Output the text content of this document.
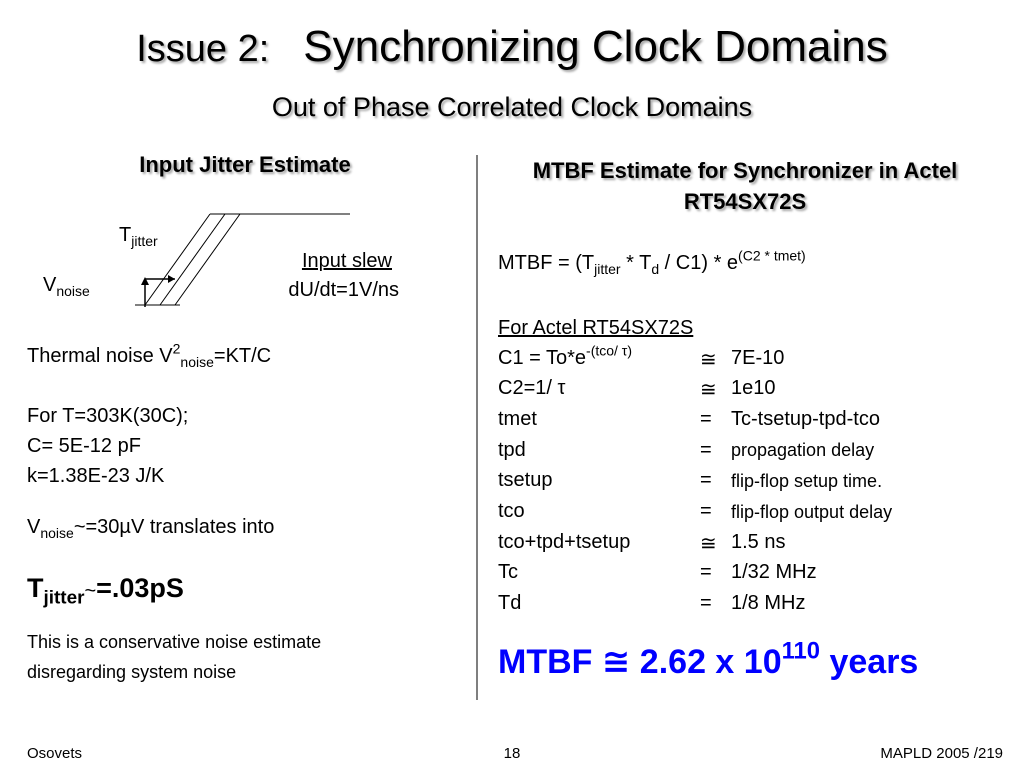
Issue 2: Synchronizing Clock Domains
Out of Phase Correlated Clock Domains
Input Jitter Estimate
$T_{jitter}$
$V_{noise}$
Input slew
dU/dt=1V/ns
Thermal noise $V^2_{noise}=KT/C$
For T=303K(30C);
C= 5E-12 pF
k=1.38E-23 J/K
$V_{noise}\sim=30\mu V$ translates into
$T_{jitter}\sim=.03pS$
This is a conservative noise estimate
disregarding system noise
MTBF Estimate for Synchronizer in Actel RT54SX72S
MTBF = $(T_{jitter} * T_d / C1) * e^{(C2 * tmet)}$
For Actel RT54SX72S
$C1 = To*e^{-(tco/ \tau)}$	≅ 7E-10
C2=1/ τ	≅ 1e10
tmet	= Tc-tsetup-tpd-tco
tpd	= propagation delay
tsetup	= flip-flop setup time.
tco	= flip-flop output delay
tco+tpd+tsetup	≅ 1.5 ns
Tc	= 1/32 MHz
Td	= 1/8 MHz
MTBF ≅ 2.62 x $10^{110}$ years
Osovets	18	MAPLD 2005 /219
